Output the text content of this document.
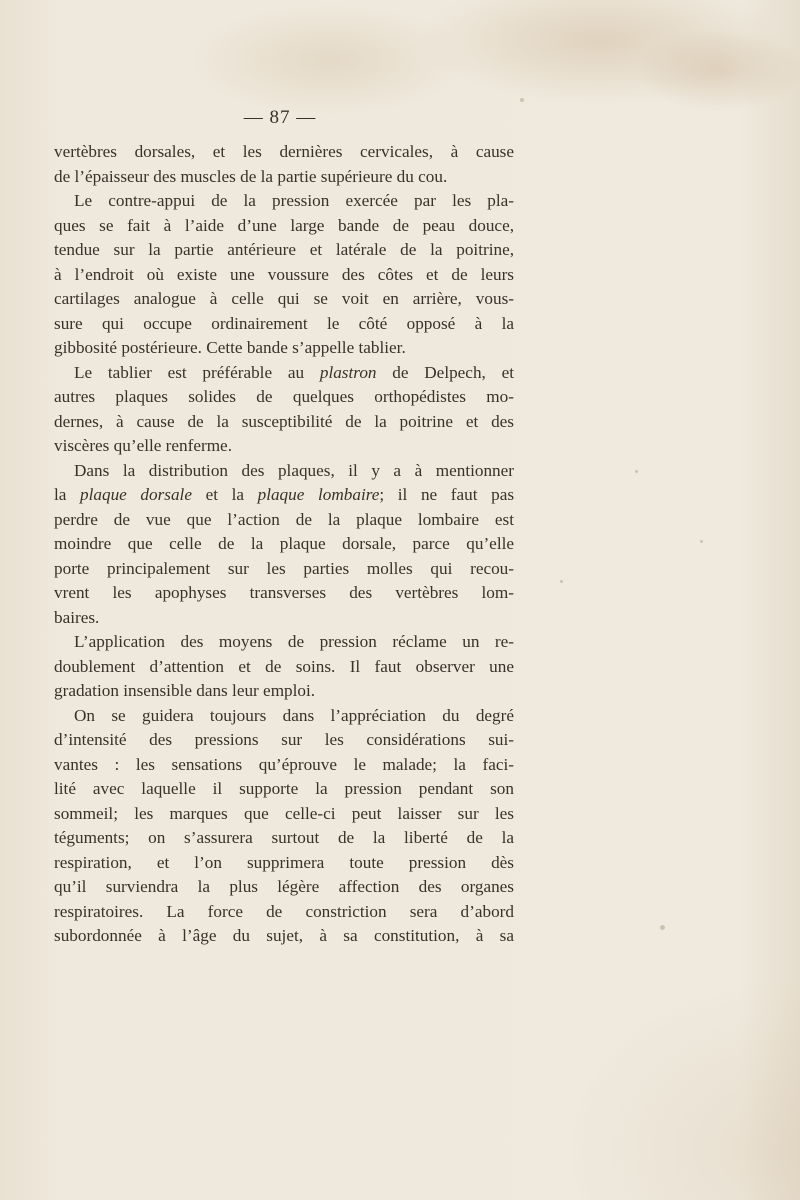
— 87 —
vertèbres dorsales, et les dernières cervicales, à cause
de l’épaisseur des muscles de la partie supérieure du cou.
Le contre-appui de la pression exercée par les pla-
ques se fait à l’aide d’une large bande de peau douce,
tendue sur la partie antérieure et latérale de la poitrine,
à l’endroit où existe une voussure des côtes et de leurs
cartilages analogue à celle qui se voit en arrière, vous-
sure qui occupe ordinairement le côté opposé à la
gibbosité postérieure. Cette bande s’appelle tablier.
Le tablier est préférable au plastron de Delpech, et
autres plaques solides de quelques orthopédistes mo-
dernes, à cause de la susceptibilité de la poitrine et des
viscères qu’elle renferme.
Dans la distribution des plaques, il y a à mentionner
la plaque dorsale et la plaque lombaire; il ne faut pas
perdre de vue que l’action de la plaque lombaire est
moindre que celle de la plaque dorsale, parce qu’elle
porte principalement sur les parties molles qui recou-
vrent les apophyses transverses des vertèbres lom-
baires.
L’application des moyens de pression réclame un re-
doublement d’attention et de soins. Il faut observer une
gradation insensible dans leur emploi.
On se guidera toujours dans l’appréciation du degré
d’intensité des pressions sur les considérations sui-
vantes : les sensations qu’éprouve le malade; la faci-
lité avec laquelle il supporte la pression pendant son
sommeil; les marques que celle-ci peut laisser sur les
téguments; on s’assurera surtout de la liberté de la
respiration, et l’on supprimera toute pression dès
qu’il surviendra la plus légère affection des organes
respiratoires. La force de constriction sera d’abord
subordonnée à l’âge du sujet, à sa constitution, à sa
